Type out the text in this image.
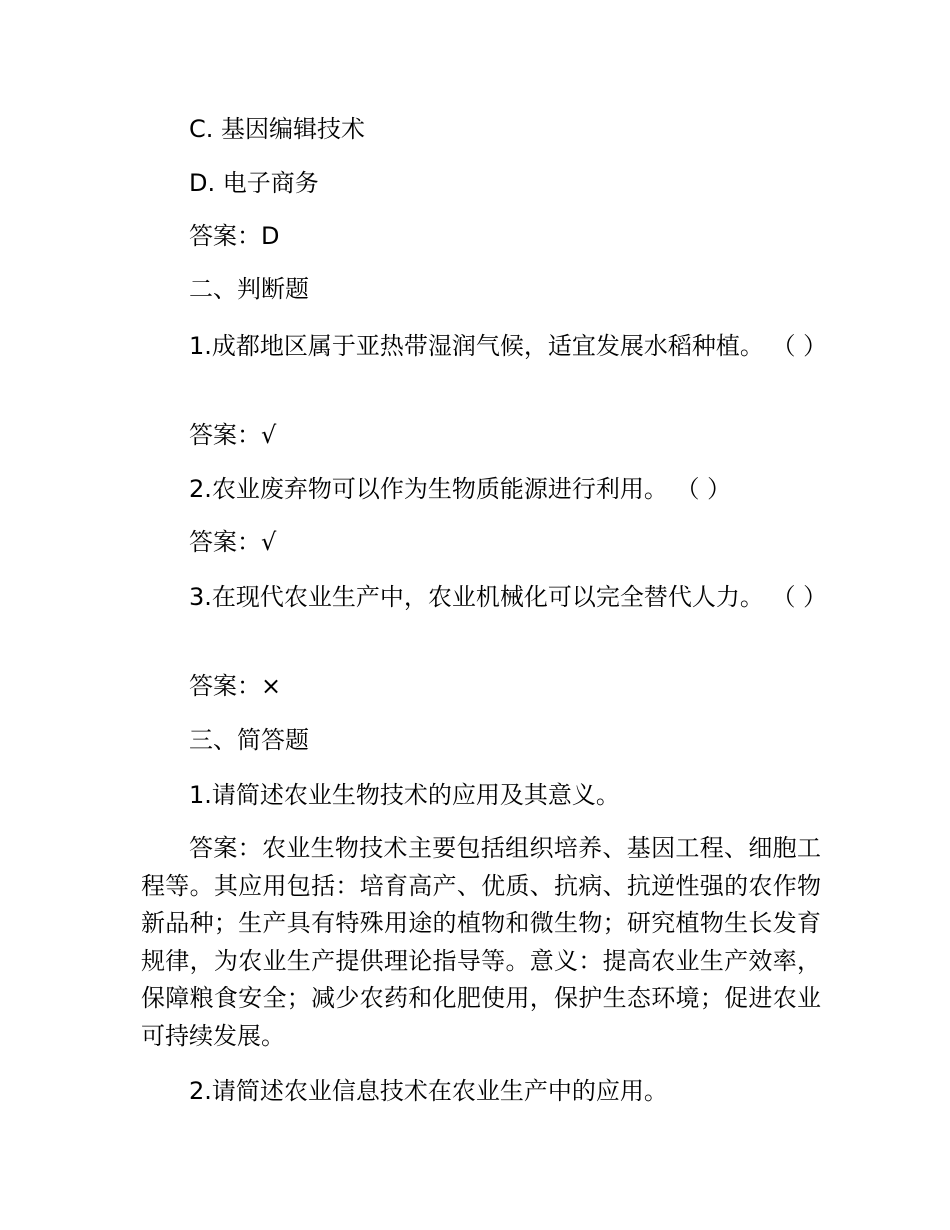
C. 基因编辑技术
D. 电子商务
答案：D
二、判断题
1.成都地区属于亚热带湿润气候，适宜发展水稻种植。 （ ）
答案：√
2.农业废弃物可以作为生物质能源进行利用。 （ ）
答案：√
3.在现代农业生产中，农业机械化可以完全替代人力。 （ ）
答案：×
三、简答题
1.请简述农业生物技术的应用及其意义。
答案：农业生物技术主要包括组织培养、基因工程、细胞工程等。其应用包括：培育高产、优质、抗病、抗逆性强的农作物新品种；生产具有特殊用途的植物和微生物；研究植物生长发育规律，为农业生产提供理论指导等。意义：提高农业生产效率，保障粮食安全；减少农药和化肥使用，保护生态环境；促进农业可持续发展。
2.请简述农业信息技术在农业生产中的应用。
